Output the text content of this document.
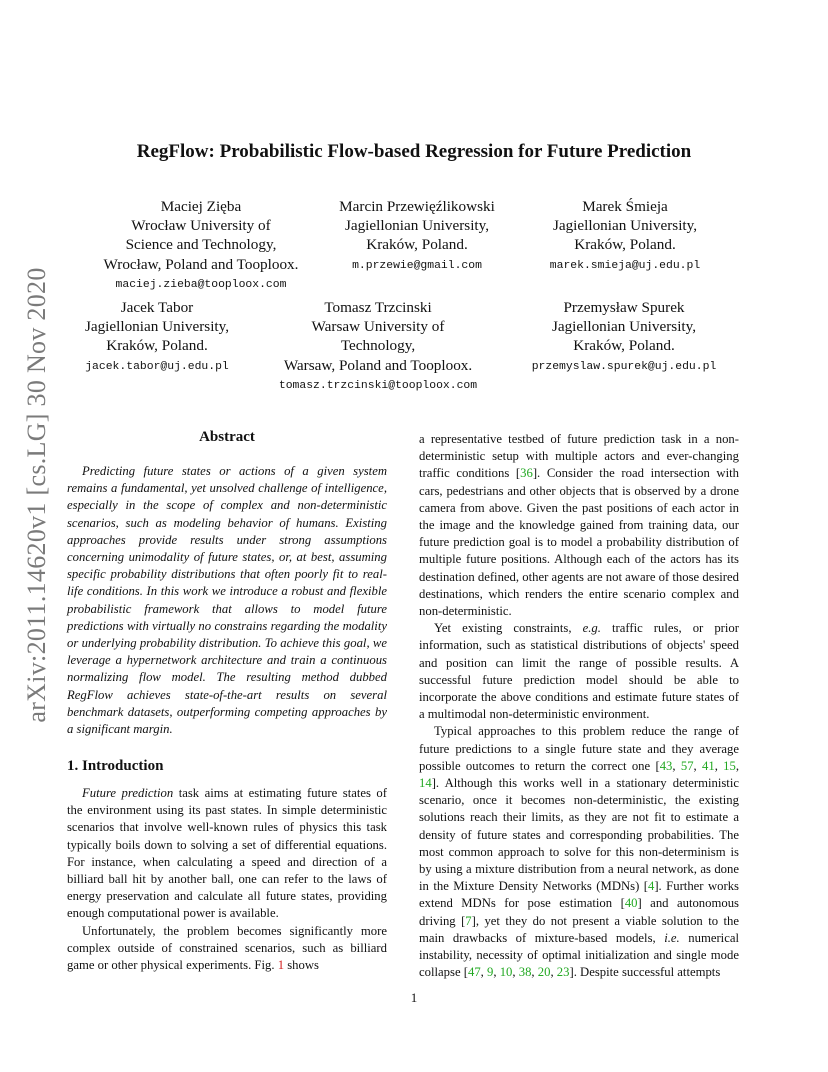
arXiv:2011.14620v1 [cs.LG] 30 Nov 2020
RegFlow: Probabilistic Flow-based Regression for Future Prediction
Maciej Zięba
Wrocław University of
Science and Technology,
Wrocław, Poland and Tooploox.
maciej.zieba@tooploox.com
Marcin Przewięźlikowski
Jagiellonian University,
Kraków, Poland.
m.przewie@gmail.com
Marek Śmieja
Jagiellonian University,
Kraków, Poland.
marek.smieja@uj.edu.pl
Jacek Tabor
Jagiellonian University,
Kraków, Poland.
jacek.tabor@uj.edu.pl
Tomasz Trzcinski
Warsaw University of
Technology,
Warsaw, Poland and Tooploox.
tomasz.trzcinski@tooploox.com
Przemysław Spurek
Jagiellonian University,
Kraków, Poland.
przemyslaw.spurek@uj.edu.pl
Abstract
Predicting future states or actions of a given system remains a fundamental, yet unsolved challenge of intelligence, especially in the scope of complex and non-deterministic scenarios, such as modeling behavior of humans. Existing approaches provide results under strong assumptions concerning unimodality of future states, or, at best, assuming specific probability distributions that often poorly fit to real-life conditions. In this work we introduce a robust and flexible probabilistic framework that allows to model future predictions with virtually no constrains regarding the modality or underlying probability distribution. To achieve this goal, we leverage a hypernetwork architecture and train a continuous normalizing flow model. The resulting method dubbed RegFlow achieves state-of-the-art results on several benchmark datasets, outperforming competing approaches by a significant margin.
1. Introduction

Future prediction task aims at estimating future states of the environment using its past states. In simple deterministic scenarios that involve well-known rules of physics this task typically boils down to solving a set of differential equations. For instance, when calculating a speed and direction of a billiard ball hit by another ball, one can refer to the laws of energy preservation and calculate all future states, providing enough computational power is available.

Unfortunately, the problem becomes significantly more complex outside of constrained scenarios, such as billiard game or other physical experiments. Fig. 1 shows

a representative testbed of future prediction task in a non-deterministic setup with multiple actors and ever-changing traffic conditions [36]. Consider the road intersection with cars, pedestrians and other objects that is observed by a drone camera from above. Given the past positions of each actor in the image and the knowledge gained from training data, our future prediction goal is to model a probability distribution of multiple future positions. Although each of the actors has its destination defined, other agents are not aware of those desired destinations, which renders the entire scenario complex and non-deterministic.

Yet existing constraints, e.g. traffic rules, or prior information, such as statistical distributions of objects' speed and position can limit the range of possible results. A successful future prediction model should be able to incorporate the above conditions and estimate future states of a multimodal non-deterministic environment.

Typical approaches to this problem reduce the range of future predictions to a single future state and they average possible outcomes to return the correct one [43, 57, 41, 15, 14]. Although this works well in a stationary deterministic scenario, once it becomes non-deterministic, the existing solutions reach their limits, as they are not fit to estimate a density of future states and corresponding probabilities. The most common approach to solve for this non-determinism is by using a mixture distribution from a neural network, as done in the Mixture Density Networks (MDNs) [4]. Further works extend MDNs for pose estimation [40] and autonomous driving [7], yet they do not present a viable solution to the main drawbacks of mixture-based models, i.e. numerical instability, necessity of optimal initialization and single mode collapse [47, 9, 10, 38, 20, 23]. Despite successful attempts

1
